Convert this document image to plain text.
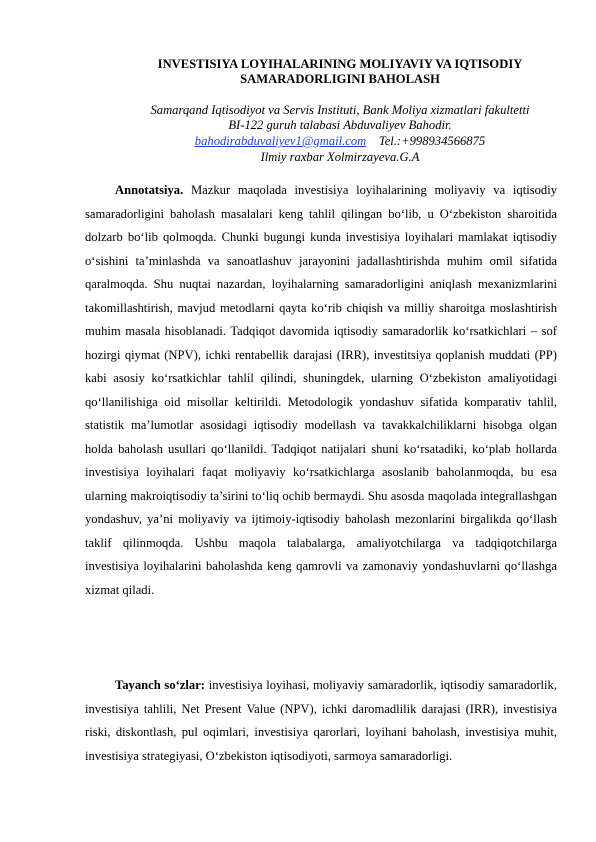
INVESTISIYA LOYIHALARINING MOLIYAVIY VA IQTISODIY SAMARADORLIGINI BAHOLASH
Samarqand Iqtisodiyot va Servis Instituti, Bank Moliya xizmatlari fakultetti
BI-122 guruh talabasi Abduvaliyev Bahodir.
bahodirabduvaliyev1@gmail.com Tel.:+998934566875
Ilmiy raxbar Xolmirzayeva.G.A

Annotatsiya. Mazkur maqolada investisiya loyihalarining moliyaviy va iqtisodiy samaradorligini baholash masalalari keng tahlil qilingan bo‘lib, u O‘zbekiston sharoitida dolzarb bo‘lib qolmoqda. Chunki bugungi kunda investisiya loyihalari mamlakat iqtisodiy o‘sishini ta’minlashda va sanoatlashuv jarayonini jadallashtirishda muhim omil sifatida qaralmoqda. Shu nuqtai nazardan, loyihalarning samaradorligini aniqlash mexanizmlarini takomillashtirish, mavjud metodlarni qayta ko‘rib chiqish va milliy sharoitga moslashtirish muhim masala hisoblanadi. Tadqiqot davomida iqtisodiy samaradorlik ko‘rsatkichlari – sof hozirgi qiymat (NPV), ichki rentabellik darajasi (IRR), investitsiya qoplanish muddati (PP) kabi asosiy ko‘rsatkichlar tahlil qilindi, shuningdek, ularning O‘zbekiston amaliyotidagi qo‘llanilishiga oid misollar keltirildi. Metodologik yondashuv sifatida komparativ tahlil, statistik ma’lumotlar asosidagi iqtisodiy modellash va tavakkalchiliklarni hisobga olgan holda baholash usullari qo‘llanildi. Tadqiqot natijalari shuni ko‘rsatadiki, ko‘plab hollarda investisiya loyihalari faqat moliyaviy ko‘rsatkichlarga asoslanib baholanmoqda, bu esa ularning makroiqtisodiy ta’sirini to‘liq ochib bermaydi. Shu asosda maqolada integrallashgan yondashuv, ya’ni moliyaviy va ijtimoiy-iqtisodiy baholash mezonlarini birgalikda qo‘llash taklif qilinmoqda. Ushbu maqola talabalarga, amaliyotchilarga va tadqiqotchilarga investisiya loyihalarini baholashda keng qamrovli va zamonaviy yondashuvlarni qo‘llashga xizmat qiladi.

Tayanch so‘zlar: investisiya loyihasi, moliyaviy samaradorlik, iqtisodiy samaradorlik, investisiya tahlili, Net Present Value (NPV), ichki daromadlilik darajasi (IRR), investisiya riski, diskontlash, pul oqimlari, investisiya qarorlari, loyihani baholash, investisiya muhit, investisiya strategiyasi, O‘zbekiston iqtisodiyoti, sarmoya samaradorligi.
